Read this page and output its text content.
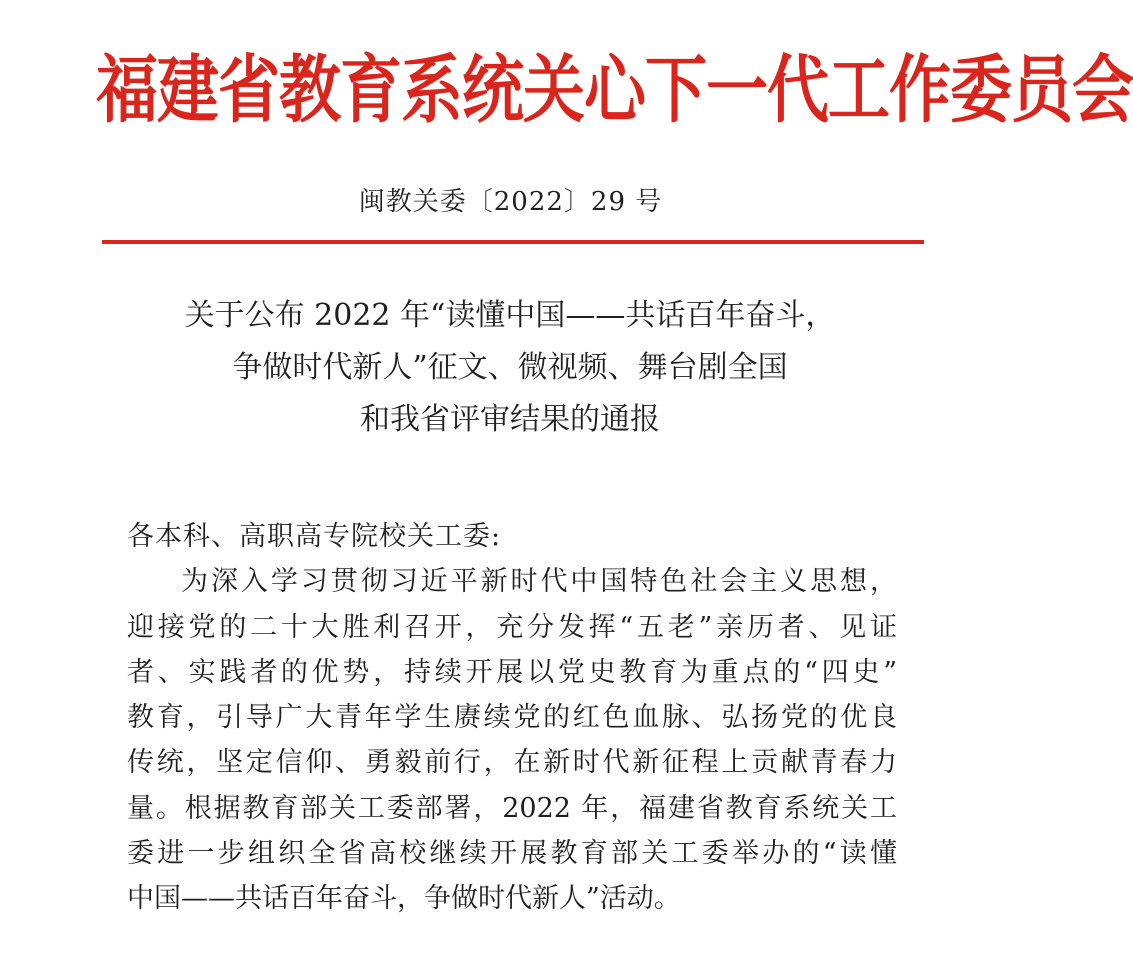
福建省教育系统关心下一代工作委员会
闽教关委〔2022〕29 号
关于公布 2022 年“读懂中国——共话百年奋斗，
争做时代新人”征文、微视频、舞台剧全国
和我省评审结果的通报
各本科、高职高专院校关工委:
为深入学习贯彻习近平新时代中国特色社会主义思想，
迎接党的二十大胜利召开，充分发挥“五老”亲历者、见证
者、实践者的优势，持续开展以党史教育为重点的“四史”
教育，引导广大青年学生赓续党的红色血脉、弘扬党的优良
传统，坚定信仰、勇毅前行，在新时代新征程上贡献青春力
量。根据教育部关工委部署，2022 年，福建省教育系统关工
委进一步组织全省高校继续开展教育部关工委举办的“读懂
中国——共话百年奋斗，争做时代新人”活动。
